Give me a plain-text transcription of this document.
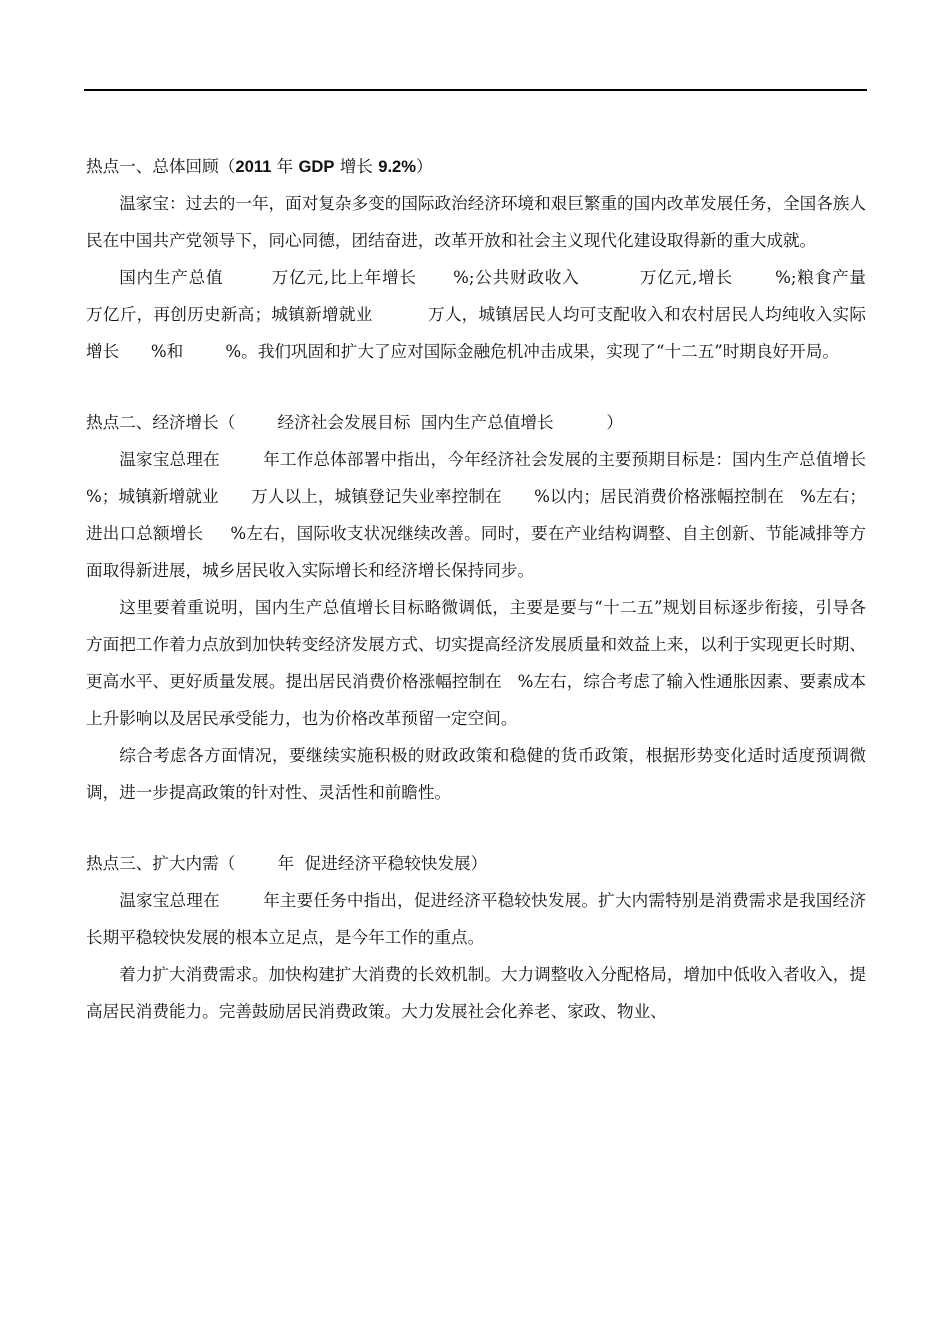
热点一、总体回顾（2011 年 GDP 增长 9.2%）

温家宝：过去的一年，面对复杂多变的国际政治经济环境和艰巨繁重的国内改革发展任务，全国各族人民在中国共产党领导下，同心同德，团结奋进，改革开放和社会主义现代化建设取得新的重大成就。

国内生产总值        万亿元,比上年增长      %;公共财政收入          万亿元,增长       %;粮食产量         万亿斤，再创历史新高；城镇新增就业          万人，城镇居民人均可支配收入和农村居民人均纯收入实际增长      %和        %。我们巩固和扩大了应对国际金融危机冲击成果，实现了“十二五”时期良好开局。

热点二、经济增长（        经济社会发展目标  国内生产总值增长          ）

温家宝总理在        年工作总体部署中指出，今年经济社会发展的主要预期目标是：国内生产总值增长      %；城镇新增就业      万人以上，城镇登记失业率控制在      %以内；居民消费价格涨幅控制在   %左右；进出口总额增长     %左右，国际收支状况继续改善。同时，要在产业结构调整、自主创新、节能减排等方面取得新进展，城乡居民收入实际增长和经济增长保持同步。

这里要着重说明，国内生产总值增长目标略微调低，主要是要与“十二五”规划目标逐步衔接，引导各方面把工作着力点放到加快转变经济发展方式、切实提高经济发展质量和效益上来，以利于实现更长时期、更高水平、更好质量发展。提出居民消费价格涨幅控制在   %左右，综合考虑了输入性通胀因素、要素成本上升影响以及居民承受能力，也为价格改革预留一定空间。

综合考虑各方面情况，要继续实施积极的财政政策和稳健的货币政策，根据形势变化适时适度预调微调，进一步提高政策的针对性、灵活性和前瞻性。

热点三、扩大内需（        年  促进经济平稳较快发展）

温家宝总理在        年主要任务中指出，促进经济平稳较快发展。扩大内需特别是消费需求是我国经济长期平稳较快发展的根本立足点，是今年工作的重点。

着力扩大消费需求。加快构建扩大消费的长效机制。大力调整收入分配格局，增加中低收入者收入，提高居民消费能力。完善鼓励居民消费政策。大力发展社会化养老、家政、物业、
